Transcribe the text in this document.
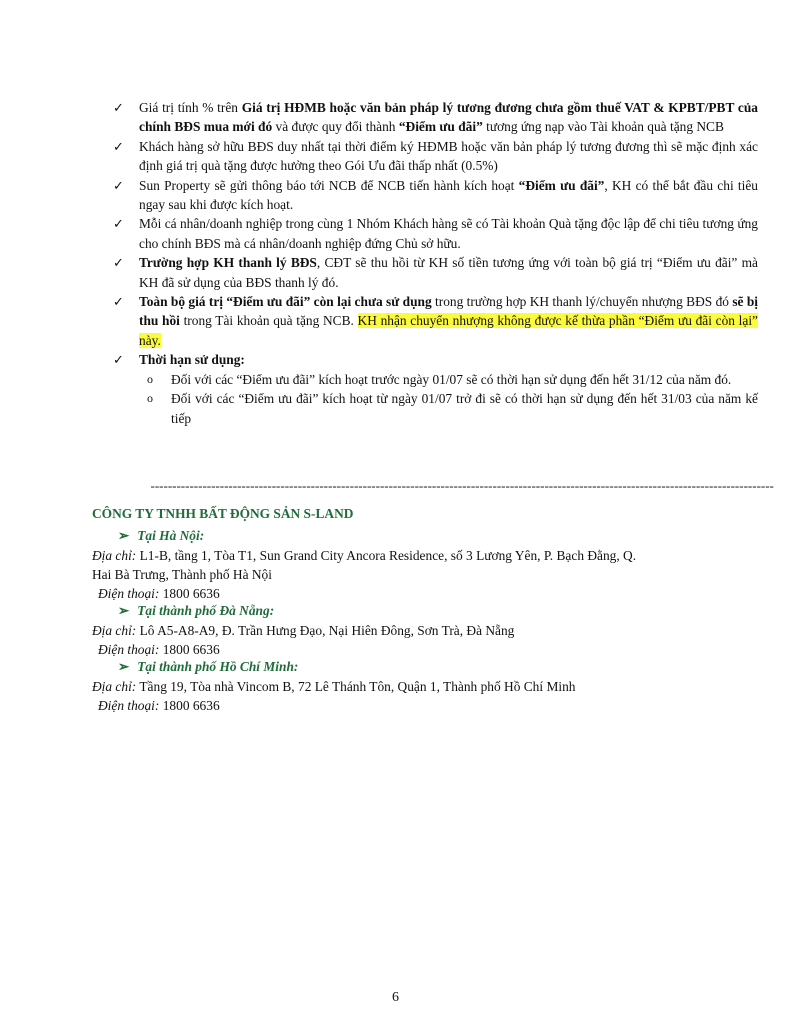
✓ Giá trị tính % trên Giá trị HĐMB hoặc văn bản pháp lý tương đương chưa gồm thuế VAT & KPBT/PBT của chính BĐS mua mới đó và được quy đổi thành “Điểm ưu đãi” tương ứng nạp vào Tài khoản quà tặng NCB
✓ Khách hàng sở hữu BĐS duy nhất tại thời điểm ký HĐMB hoặc văn bản pháp lý tương đương thì sẽ mặc định xác định giá trị quà tặng được hưởng theo Gói Ưu đãi thấp nhất (0.5%)
✓ Sun Property sẽ gửi thông báo tới NCB để NCB tiến hành kích hoạt “Điểm ưu đãi”, KH có thể bắt đầu chi tiêu ngay sau khi được kích hoạt.
✓ Mỗi cá nhân/doanh nghiệp trong cùng 1 Nhóm Khách hàng sẽ có Tài khoản Quà tặng độc lập để chi tiêu tương ứng cho chính BĐS mà cá nhân/doanh nghiệp đứng Chủ sở hữu.
✓ Trường hợp KH thanh lý BĐS, CĐT sẽ thu hồi từ KH số tiền tương ứng với toàn bộ giá trị “Điểm ưu đãi” mà KH đã sử dụng của BĐS thanh lý đó.
✓ Toàn bộ giá trị “Điểm ưu đãi” còn lại chưa sử dụng trong trường hợp KH thanh lý/chuyển nhượng BĐS đó sẽ bị thu hồi trong Tài khoản quà tặng NCB. KH nhận chuyển nhượng không được kế thừa phần “Điểm ưu đãi còn lại” này.
✓ Thời hạn sử dụng:
o Đối với các “Điểm ưu đãi” kích hoạt trước ngày 01/07 sẽ có thời hạn sử dụng đến hết 31/12 của năm đó.
o Đối với các “Điểm ưu đãi” kích hoạt từ ngày 01/07 trở đi sẽ có thời hạn sử dụng đến hết 31/03 của năm kế tiếp
------------------------------------------------------------------------------------------------------------------------------------------------
CÔNG TY TNHH BẤT ĐỘNG SẢN S-LAND
➢ Tại Hà Nội:
Địa chỉ: L1-B, tầng 1, Tòa T1, Sun Grand City Ancora Residence, số 3 Lương Yên, P. Bạch Đằng, Q.
Hai Bà Trưng, Thành phố Hà Nội
Điện thoại: 1800 6636
➢ Tại thành phố Đà Nẵng:
Địa chỉ: Lô A5-A8-A9, Đ. Trần Hưng Đạo, Nại Hiên Đông, Sơn Trà, Đà Nẵng
Điện thoại: 1800 6636
➢ Tại thành phố Hồ Chí Minh:
Địa chỉ: Tầng 19, Tòa nhà Vincom B, 72 Lê Thánh Tôn, Quận 1, Thành phố Hồ Chí Minh
Điện thoại: 1800 6636
6
